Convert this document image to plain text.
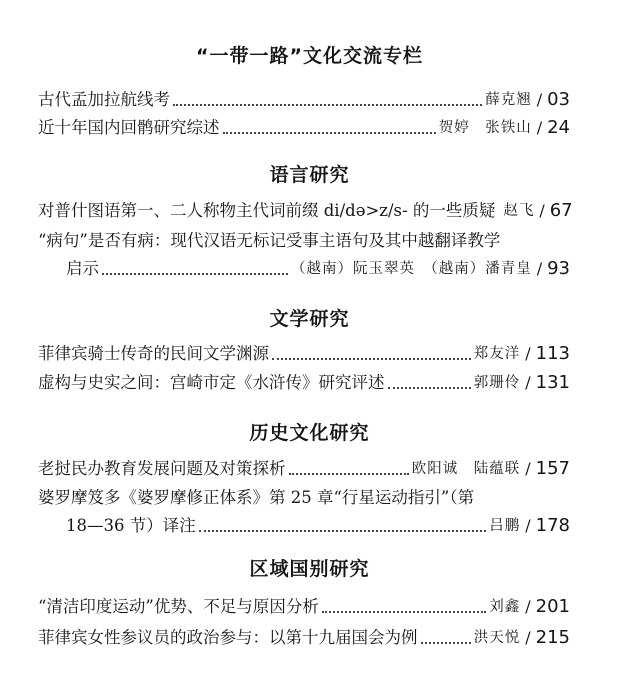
“一带一路”文化交流专栏
古代孟加拉航线考	薛克翘 / 03
近十年国内回鹘研究综述	贺婷　张铁山 / 24
语言研究
对普什图语第一、二人称物主代词前缀 di/də>z/s- 的一些质疑 赵飞 / 67
“病句”是否有病：现代汉语无标记受事主语句及其中越翻译教学
启示	（越南）阮玉翠英　（越南）潘青皇 / 93
文学研究
菲律宾骑士传奇的民间文学渊源	郑友洋 / 113
虚构与史实之间：宫崎市定《水浒传》研究评述	郭珊伶 / 131
历史文化研究
老挝民办教育发展问题及对策探析	欧阳诚　陆蕴联 / 157
婆罗摩笈多《婆罗摩修正体系》第 25 章“行星运动指引”（第
18—36 节）译注	吕鹏 / 178
区域国别研究
“清洁印度运动”优势、不足与原因分析	刘鑫 / 201
菲律宾女性参议员的政治参与：以第十九届国会为例	洪天悦 / 215
